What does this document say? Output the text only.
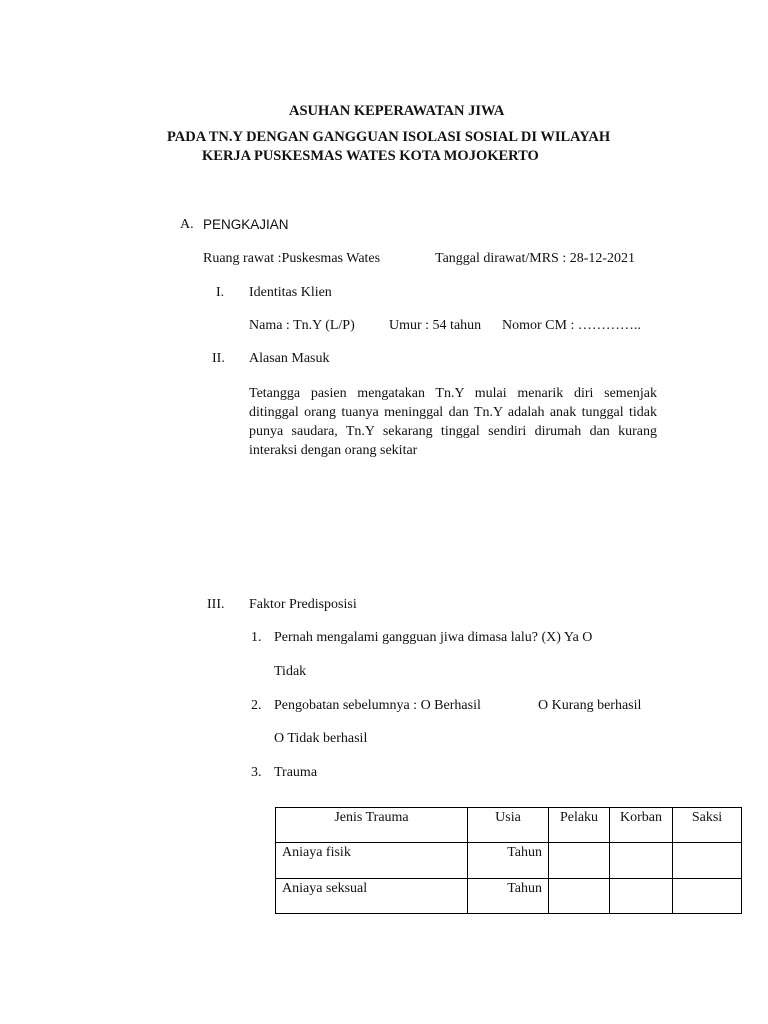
ASUHAN KEPERAWATAN JIWA
PADA TN.Y DENGAN GANGGUAN ISOLASI SOSIAL DI WILAYAH
KERJA PUSKESMAS WATES KOTA MOJOKERTO
A. PENGKAJIAN
Ruang rawat :Puskesmas Wates	Tanggal dirawat/MRS : 28-12-2021
I. Identitas Klien
Nama : Tn.Y (L/P) Umur : 54 tahun Nomor CM : …………..
II. Alasan Masuk
Tetangga pasien mengatakan Tn.Y mulai menarik diri semenjak ditinggal orang tuanya meninggal dan Tn.Y adalah anak tunggal tidak punya saudara, Tn.Y sekarang tinggal sendiri dirumah dan kurang interaksi dengan orang sekitar
III. Faktor Predisposisi
1. Pernah mengalami gangguan jiwa dimasa lalu? (X) Ya O
Tidak
2. Pengobatan sebelumnya : O Berhasil	O Kurang berhasil
O Tidak berhasil
3. Trauma
Jenis Trauma	Usia	Pelaku	Korban	Saksi
Aniaya fisik	Tahun			
Aniaya seksual	Tahun			
